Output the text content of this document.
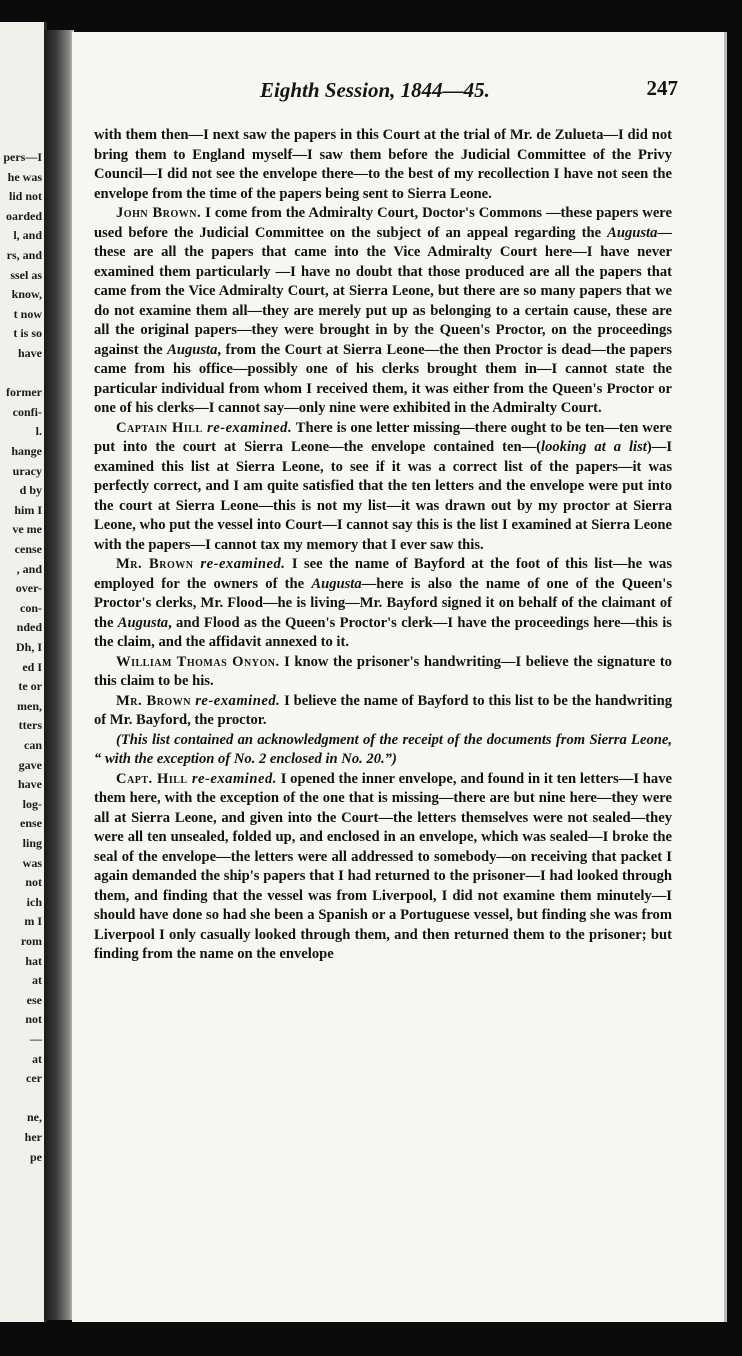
pers—I
he was
lid not
oarded
l, and
rs, and
ssel as
know,
t now
t is so
have
former
confi-
l.
hange
uracy
d by
him I
ve me
cense
, and
over-
con-
nded
Dh, I
ed I
te or
men,
tters
can
gave
have
log-
ense
ling
was
not
ich
m I
rom
hat
at
ese
not
—
at
cer
ne,
her
pe
Eighth Session, 1844—45.	247

with them then—I next saw the papers in this Court at the trial of Mr. de Zulueta—I did not bring them to England myself—I saw them before the Judicial Committee of the Privy Council—I did not see the envelope there—to the best of my recollection I have not seen the envelope from the time of the papers being sent to Sierra Leone.

John Brown. I come from the Admiralty Court, Doctor's Commons —these papers were used before the Judicial Committee on the subject of an appeal regarding the Augusta—these are all the papers that came into the Vice Admiralty Court here—I have never examined them particularly —I have no doubt that those produced are all the papers that came from the Vice Admiralty Court, at Sierra Leone, but there are so many papers that we do not examine them all—they are merely put up as belonging to a certain cause, these are all the original papers—they were brought in by the Queen's Proctor, on the proceedings against the Augusta, from the Court at Sierra Leone—the then Proctor is dead—the papers came from his office—possibly one of his clerks brought them in—I cannot state the particular individual from whom I received them, it was either from the Queen's Proctor or one of his clerks—I cannot say—only nine were exhibited in the Admiralty Court.

Captain Hill re-examined. There is one letter missing—there ought to be ten—ten were put into the court at Sierra Leone—the envelope contained ten—(looking at a list)—I examined this list at Sierra Leone, to see if it was a correct list of the papers—it was perfectly correct, and I am quite satisfied that the ten letters and the envelope were put into the court at Sierra Leone—this is not my list—it was drawn out by my proctor at Sierra Leone, who put the vessel into Court—I cannot say this is the list I examined at Sierra Leone with the papers—I cannot tax my memory that I ever saw this.

Mr. Brown re-examined. I see the name of Bayford at the foot of this list—he was employed for the owners of the Augusta—here is also the name of one of the Queen's Proctor's clerks, Mr. Flood—he is living—Mr. Bayford signed it on behalf of the claimant of the Augusta, and Flood as the Queen's Proctor's clerk—I have the proceedings here—this is the claim, and the affidavit annexed to it.

William Thomas Onyon. I know the prisoner's handwriting—I believe the signature to this claim to be his.

Mr. Brown re-examined. I believe the name of Bayford to this list to be the handwriting of Mr. Bayford, the proctor.

(This list contained an acknowledgment of the receipt of the documents from Sierra Leone, “ with the exception of No. 2 enclosed in No. 20.”)

Capt. Hill re-examined. I opened the inner envelope, and found in it ten letters—I have them here, with the exception of the one that is missing—there are but nine here—they were all at Sierra Leone, and given into the Court—the letters themselves were not sealed—they were all ten unsealed, folded up, and enclosed in an envelope, which was sealed—I broke the seal of the envelope—the letters were all addressed to somebody—on receiving that packet I again demanded the ship's papers that I had returned to the prisoner—I had looked through them, and finding that the vessel was from Liverpool, I did not examine them minutely—I should have done so had she been a Spanish or a Portuguese vessel, but finding she was from Liverpool I only casually looked through them, and then returned them to the prisoner; but finding from the name on the envelope
